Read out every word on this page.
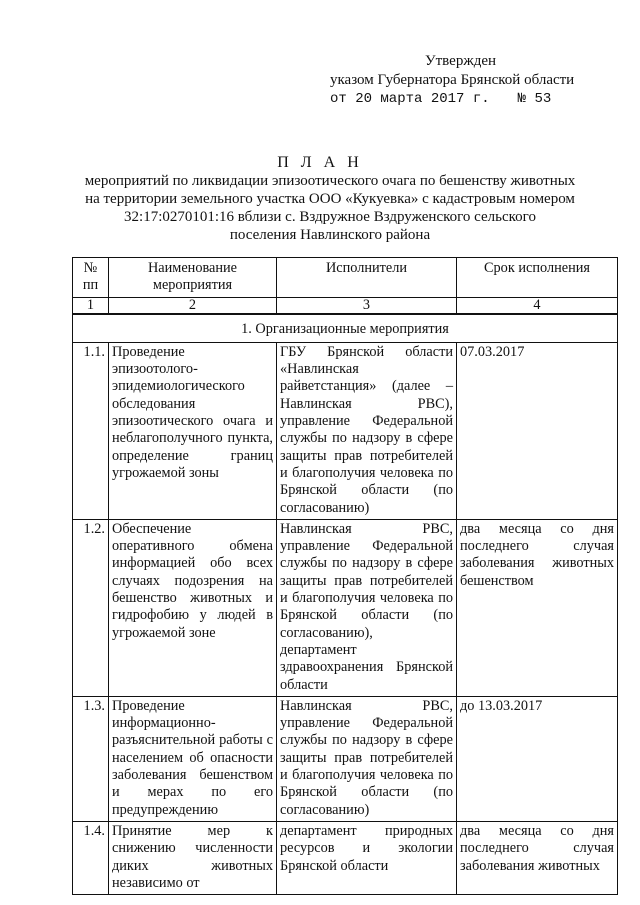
Утвержден
указом Губернатора Брянской области
от 20 марта 2017 г. № 53
П Л А Н
мероприятий по ликвидации эпизоотического очага по бешенству животных
на территории земельного участка ООО «Кукуевка» с кадастровым номером
32:17:0270101:16 вблизи с. Вздружное Вздруженского сельского
поселения Навлинского района
№ пп	Наименование мероприятия	Исполнители	Срок исполнения
1	2	3	4
1. Организационные мероприятия			
1.1.	Проведение эпизоотолого-эпидемиологического обследования эпизоотического очага и неблагополучного пункта, определение границ угрожаемой зоны	ГБУ Брянской области «Навлинская райветстанция» (далее – Навлинская РВС), управление Федеральной службы по надзору в сфере защиты прав потребителей и благополучия человека по Брянской области (по согласованию)	07.03.2017
1.2.	Обеспечение оперативного обмена информацией обо всех случаях подозрения на бешенство животных и гидрофобию у людей в угрожаемой зоне	Навлинская РВС, управление Федеральной службы по надзору в сфере защиты прав потребителей и благополучия человека по Брянской области (по согласованию), департамент здравоохранения Брянской области	два месяца со дня последнего случая заболевания животных бешенством
1.3.	Проведение информационно-разъяснительной работы с населением об опасности заболевания бешенством и мерах по его предупреждению	Навлинская РВС, управление Федеральной службы по надзору в сфере защиты прав потребителей и благополучия человека по Брянской области (по согласованию)	до 13.03.2017
1.4.	Принятие мер к снижению численности диких животных независимо от	департамент природных ресурсов и экологии Брянской области	два месяца со дня последнего случая заболевания животных
